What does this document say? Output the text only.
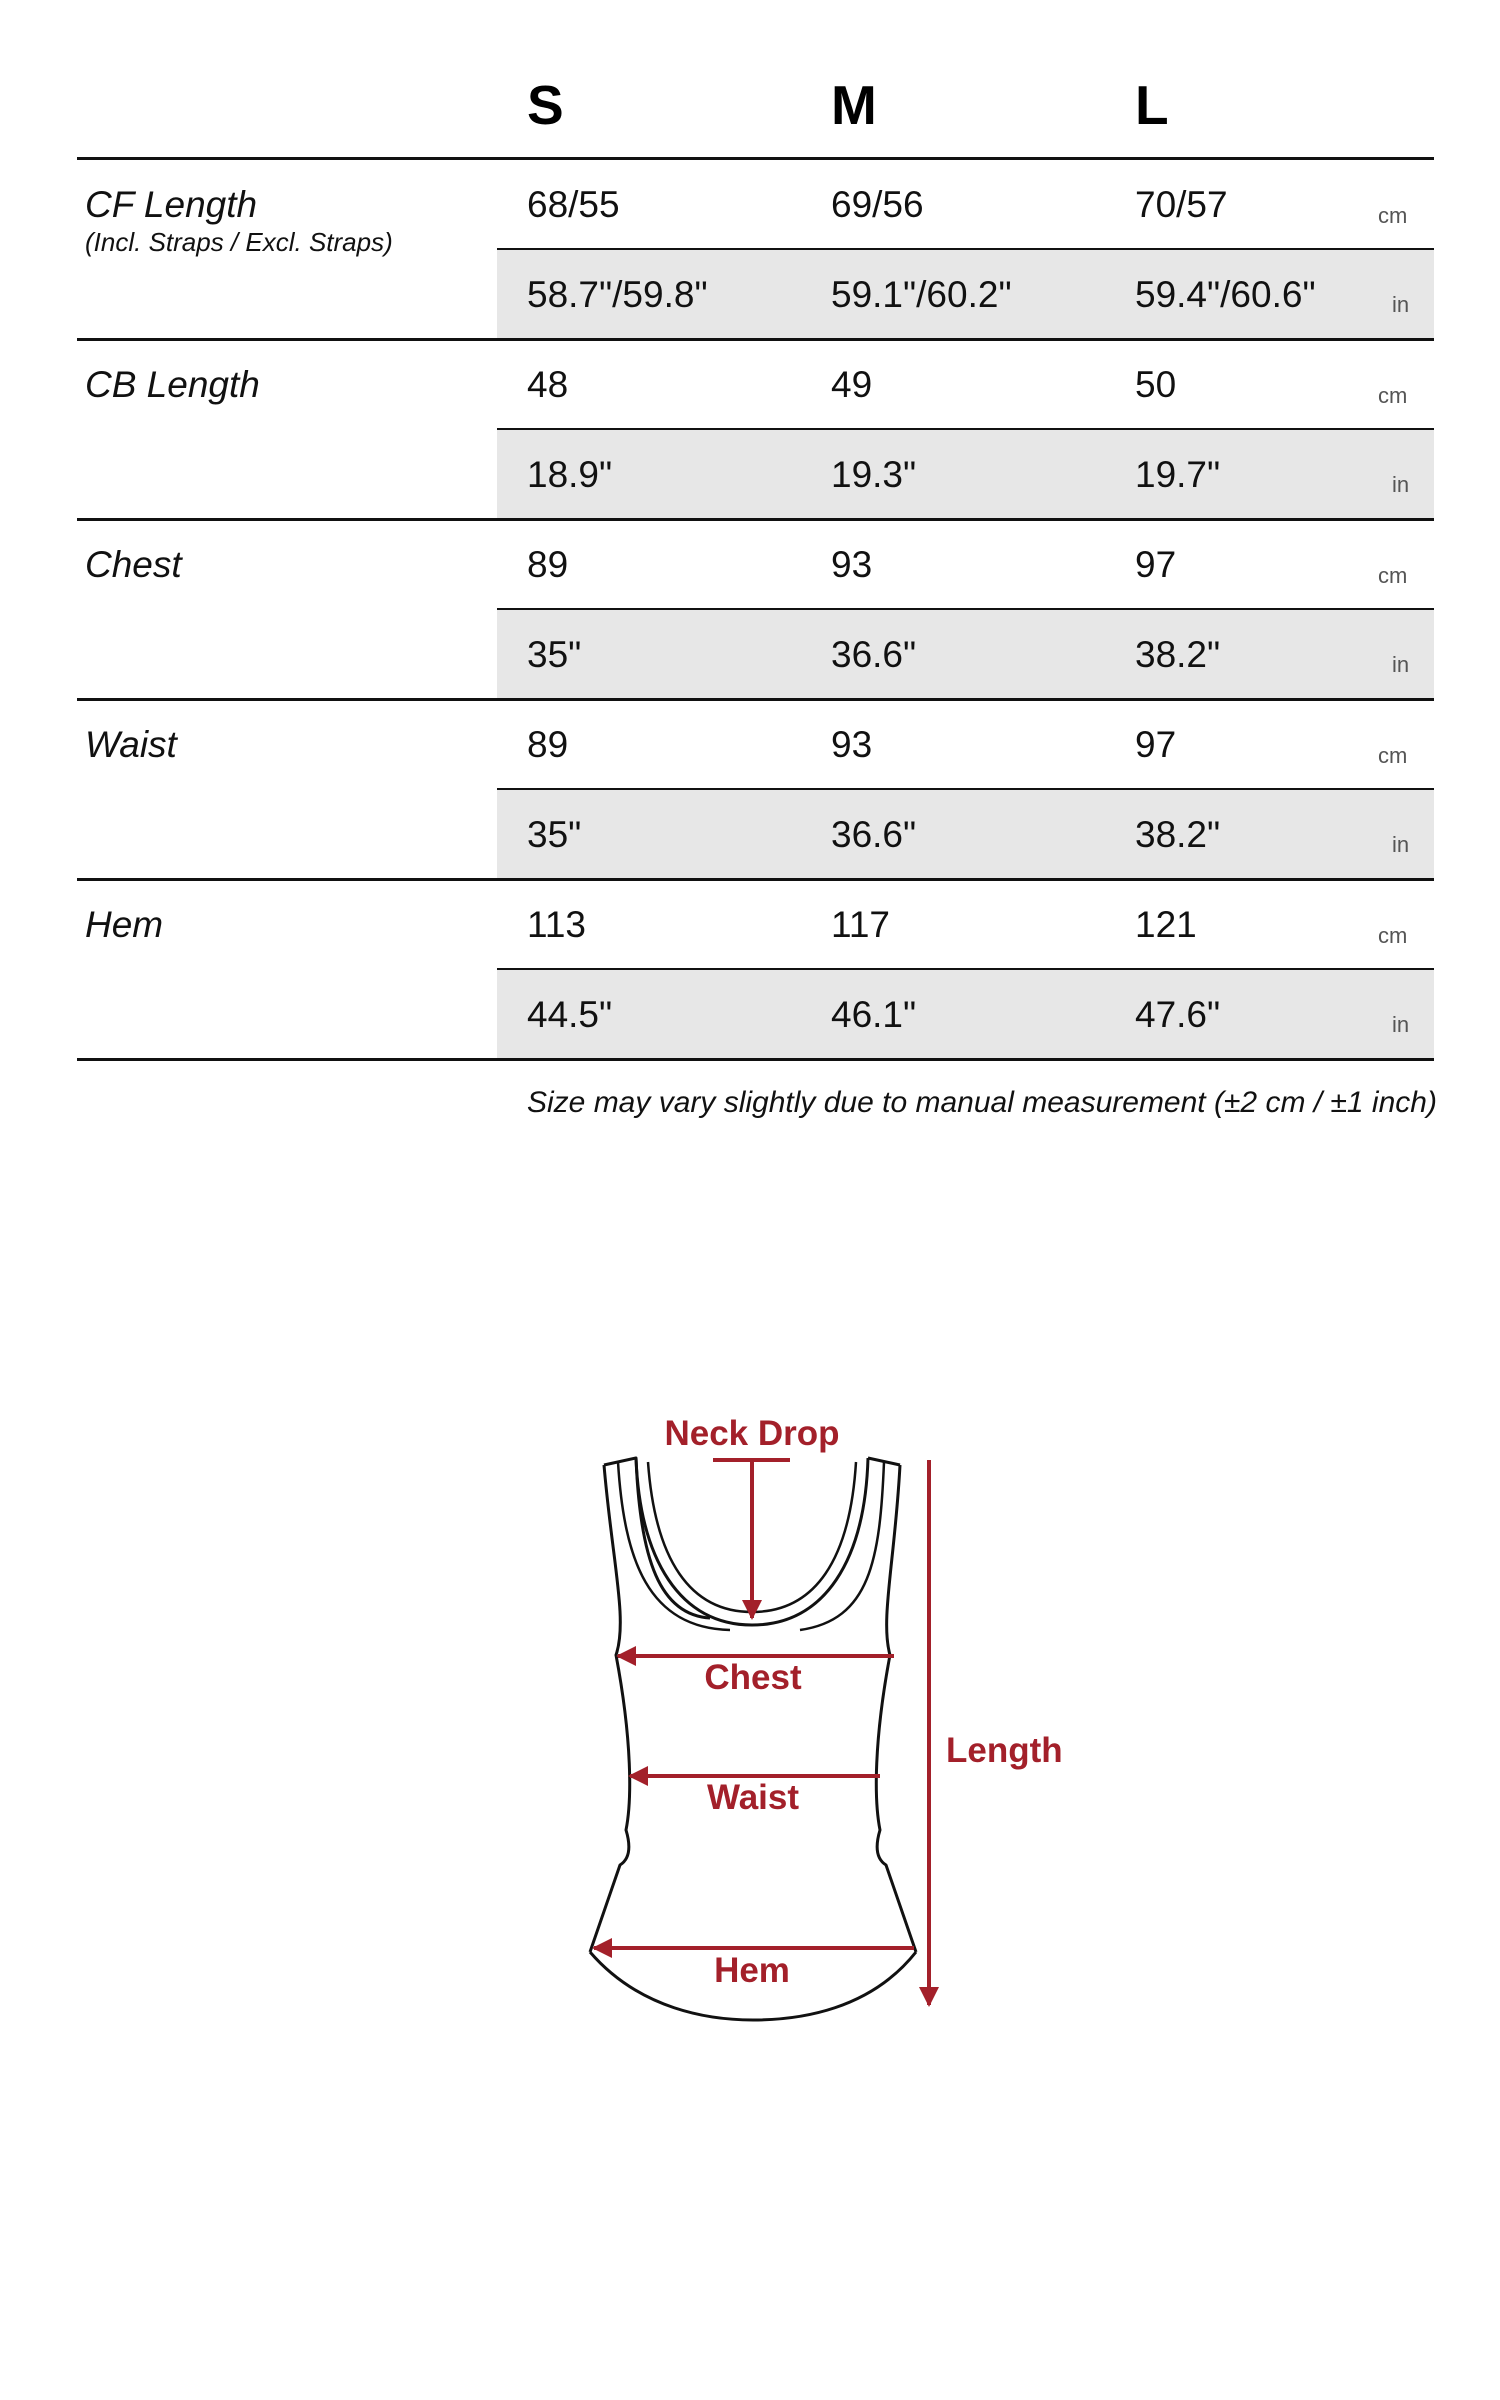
S	M	L
CF Length
(Incl. Straps / Excl. Straps)
68/55	69/56	70/57	cm
58.7"/59.8"	59.1"/60.2"	59.4"/60.6"	in
CB Length	48	49	50	cm
18.9"	19.3"	19.7"	in
Chest	89	93	97	cm
35"	36.6"	38.2"	in
Waist	89	93	97	cm
35"	36.6"	38.2"	in
Hem	113	117	121	cm
44.5"	46.1"	47.6"	in
Size may vary slightly due to manual measurement (±2 cm / ±1 inch)
Neck Drop
Chest
Waist
Hem
Length
